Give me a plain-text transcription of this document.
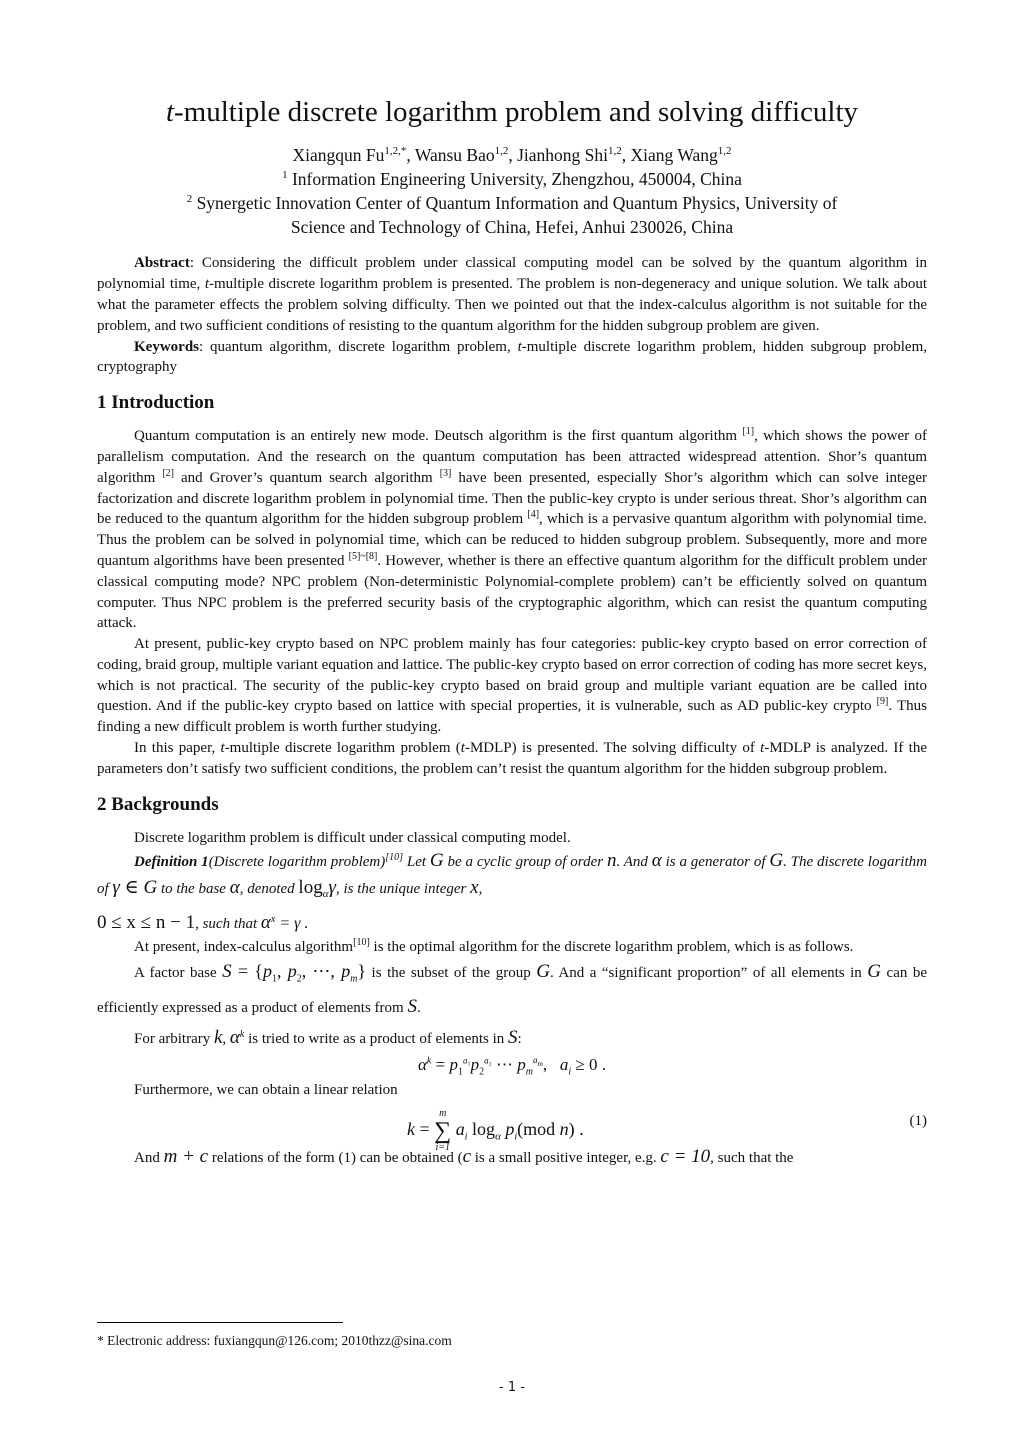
t-multiple discrete logarithm problem and solving difficulty
Xiangqun $Fu^{1,2,*}$, Wansu Bao$^{1,2}$, Jianhong Shi$^{1,2}$, Xiang Wang$^{1,2}$
$^1$ Information Engineering University, Zhengzhou, 450004, China
$^2$ Synergetic Innovation Center of Quantum Information and Quantum Physics, University of
Science and Technology of China, Hefei, Anhui 230026, China

Abstract: Considering the difficult problem under classical computing model can be solved by the quantum algorithm in polynomial time, t-multiple discrete logarithm problem is presented. The problem is non-degeneracy and unique solution. We talk about what the parameter effects the problem solving difficulty. Then we pointed out that the index-calculus algorithm is not suitable for the problem, and two sufficient conditions of resisting to the quantum algorithm for the hidden subgroup problem are given.

Keywords: quantum algorithm, discrete logarithm problem, t-multiple discrete logarithm problem, hidden subgroup problem, cryptography

1 Introduction

Quantum computation is an entirely new mode. Deutsch algorithm is the first quantum algorithm [1], which shows the power of parallelism computation. And the research on the quantum computation has been attracted widespread attention. Shor’s quantum algorithm [2] and Grover’s quantum search algorithm [3] have been presented, especially Shor’s algorithm which can solve integer factorization and discrete logarithm problem in polynomial time. Then the public-key crypto is under serious threat. Shor’s algorithm can be reduced to the quantum algorithm for the hidden subgroup problem [4], which is a pervasive quantum algorithm with polynomial time. Thus the problem can be solved in polynomial time, which can be reduced to hidden subgroup problem. Subsequently, more and more quantum algorithms have been presented [5]~[8]. However, whether is there an effective quantum algorithm for the difficult problem under classical computing mode? NPC problem (Non-deterministic Polynomial-complete problem) can’t be efficiently solved on quantum computer. Thus NPC problem is the preferred security basis of the cryptographic algorithm, which can resist the quantum computing attack.

At present, public-key crypto based on NPC problem mainly has four categories: public-key crypto based on error correction of coding, braid group, multiple variant equation and lattice. The public-key crypto based on error correction of coding has more secret keys, which is not practical. The security of the public-key crypto based on braid group and multiple variant equation are be called into question. And if the public-key crypto based on lattice with special properties, it is vulnerable, such as AD public-key crypto [9]. Thus finding a new difficult problem is worth further studying.

In this paper, t-multiple discrete logarithm problem (t-MDLP) is presented. The solving difficulty of t-MDLP is analyzed. If the parameters don’t satisfy two sufficient conditions, the problem can’t resist the quantum algorithm for the hidden subgroup problem.

2 Backgrounds

Discrete logarithm problem is difficult under classical computing model.

Definition 1(Discrete logarithm problem)[10] Let G be a cyclic group of order n. And α is a generator of G. The discrete logarithm of γ ∈ G to the base α, denoted $\log_\alpha\gamma$, is the unique integer x,
0 ≤ x ≤ n − 1, such that $\alpha^x = \gamma$ .

At present, index-calculus algorithm[10] is the optimal algorithm for the discrete logarithm problem, which is as follows.

A factor base $S = \{p_1$, $p_2$, ⋯, $p_m$} is the subset of the group G. And a “significant proportion” of all elements in G can be efficiently expressed as a product of elements from S.

For arbitrary k, $\alpha^k$ is tried to write as a product of elements in S:

$\alpha^k = p_1^{a_1}p_2^{a_2}$ ⋯ $p_m^{a_m}$,   $a_i \ge 0$ .

Furthermore, we can obtain a linear relation

k =
m
∑
i=1
$a_i$ $\log_\alpha p_i(mod$ n) .	(1)

And m + c relations of the form (1) can be obtained (c is a small positive integer, e.g. c = 10, such that the

* Electronic address: fuxiangqun@126.com; 2010thzz@sina.com
- 1 -
